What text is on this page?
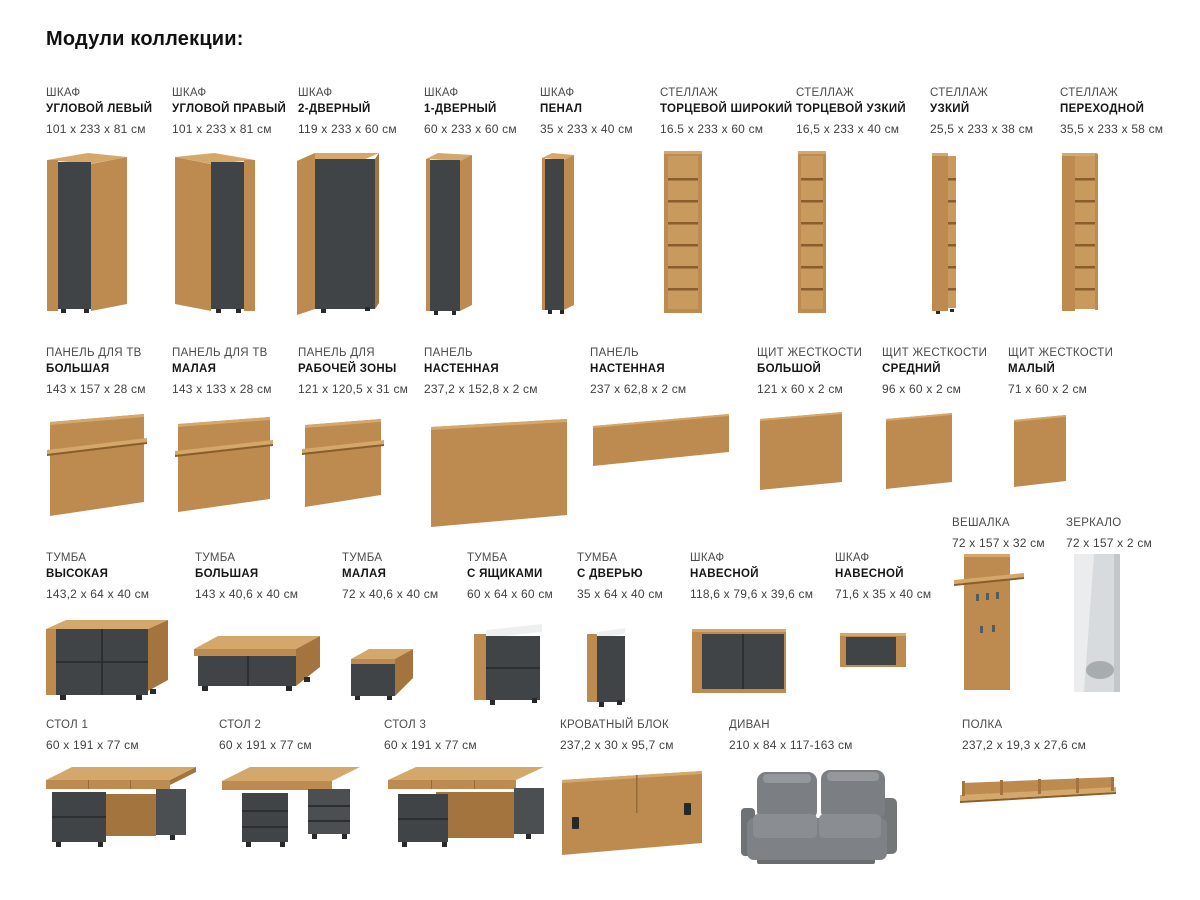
Модули коллекции:
ШКАФ
УГЛОВОЙ ЛЕВЫЙ
101 х 233 х 81 см
ШКАФ
УГЛОВОЙ ПРАВЫЙ
101 х 233 х 81 см
ШКАФ
2-ДВЕРНЫЙ
119 х 233 х 60 см
ШКАФ
1-ДВЕРНЫЙ
60 х 233 х 60 см
ШКАФ
ПЕНАЛ
35 х 233 х 40 см
СТЕЛЛАЖ
ТОРЦЕВОЙ ШИРОКИЙ
16.5 х 233 х 60 см
СТЕЛЛАЖ
ТОРЦЕВОЙ УЗКИЙ
16,5 х 233 х 40 см
СТЕЛЛАЖ
УЗКИЙ
25,5 х 233 х 38 см
СТЕЛЛАЖ
ПЕРЕХОДНОЙ
35,5 х 233 х 58 см
ПАНЕЛЬ ДЛЯ ТВ
БОЛЬШАЯ
143 х 157 х 28 см
ПАНЕЛЬ ДЛЯ ТВ
МАЛАЯ
143 х 133 х 28 см
ПАНЕЛЬ ДЛЯ
РАБОЧЕЙ ЗОНЫ
121 х 120,5 х 31 см
ПАНЕЛЬ
НАСТЕННАЯ
237,2 х 152,8 х 2 см
ПАНЕЛЬ
НАСТЕННАЯ
237 х 62,8 х 2 см
ЩИТ ЖЕСТКОСТИ
БОЛЬШОЙ
121 х 60 х 2 см
ЩИТ ЖЕСТКОСТИ
СРЕДНИЙ
96 х 60 х 2 см
ЩИТ ЖЕСТКОСТИ
МАЛЫЙ
71 х 60 х 2 см
ВЕШАЛКА
72 х 157 х 32 см
ЗЕРКАЛО
72 х 157 х 2 см
ТУМБА
ВЫСОКАЯ
143,2 х 64 х 40 см
ТУМБА
БОЛЬШАЯ
143 х 40,6 х 40 см
ТУМБА
МАЛАЯ
72 х 40,6 х 40 см
ТУМБА
С ЯЩИКАМИ
60 х 64 х 60 см
ТУМБА
С ДВЕРЬЮ
35 х 64 х 40 см
ШКАФ
НАВЕСНОЙ
118,6 х 79,6 х 39,6 см
ШКАФ
НАВЕСНОЙ
71,6 х 35 х 40 см
СТОЛ 1
60 х 191 х 77 см
СТОЛ 2
60 х 191 х 77 см
СТОЛ 3
60 х 191 х 77 см
КРОВАТНЫЙ БЛОК
237,2 х 30 х 95,7 см
ДИВАН
210 х 84 х 117-163 см
ПОЛКА
237,2 х 19,3 х 27,6 см
